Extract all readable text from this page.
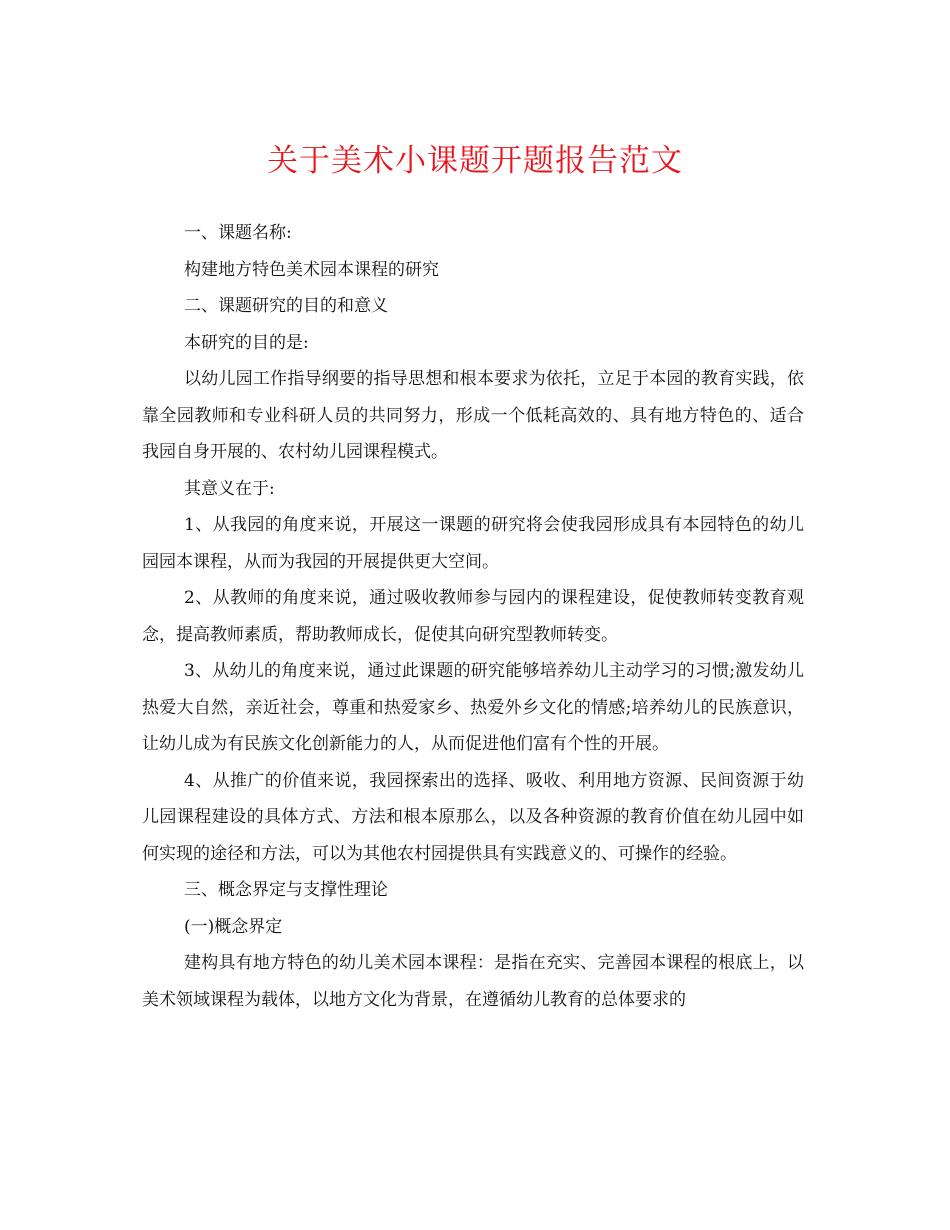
关于美术小课题开题报告范文

一、课题名称:

构建地方特色美术园本课程的研究

二、课题研究的目的和意义

本研究的目的是:

以幼儿园工作指导纲要的指导思想和根本要求为依托，立足于本园的教育实践，依靠全园教师和专业科研人员的共同努力，形成一个低耗高效的、具有地方特色的、适合我园自身开展的、农村幼儿园课程模式。

其意义在于:

1、从我园的角度来说，开展这一课题的研究将会使我园形成具有本园特色的幼儿园园本课程，从而为我园的开展提供更大空间。

2、从教师的角度来说，通过吸收教师参与园内的课程建设，促使教师转变教育观念，提高教师素质，帮助教师成长，促使其向研究型教师转变。

3、从幼儿的角度来说，通过此课题的研究能够培养幼儿主动学习的习惯;激发幼儿热爱大自然，亲近社会，尊重和热爱家乡、热爱外乡文化的情感;培养幼儿的民族意识，让幼儿成为有民族文化创新能力的人，从而促进他们富有个性的开展。

4、从推广的价值来说，我园探索出的选择、吸收、利用地方资源、民间资源于幼儿园课程建设的具体方式、方法和根本原那么，以及各种资源的教育价值在幼儿园中如何实现的途径和方法，可以为其他农村园提供具有实践意义的、可操作的经验。

三、概念界定与支撑性理论

(一)概念界定

建构具有地方特色的幼儿美术园本课程：是指在充实、完善园本课程的根底上，以美术领域课程为载体，以地方文化为背景，在遵循幼儿教育的总体要求的
